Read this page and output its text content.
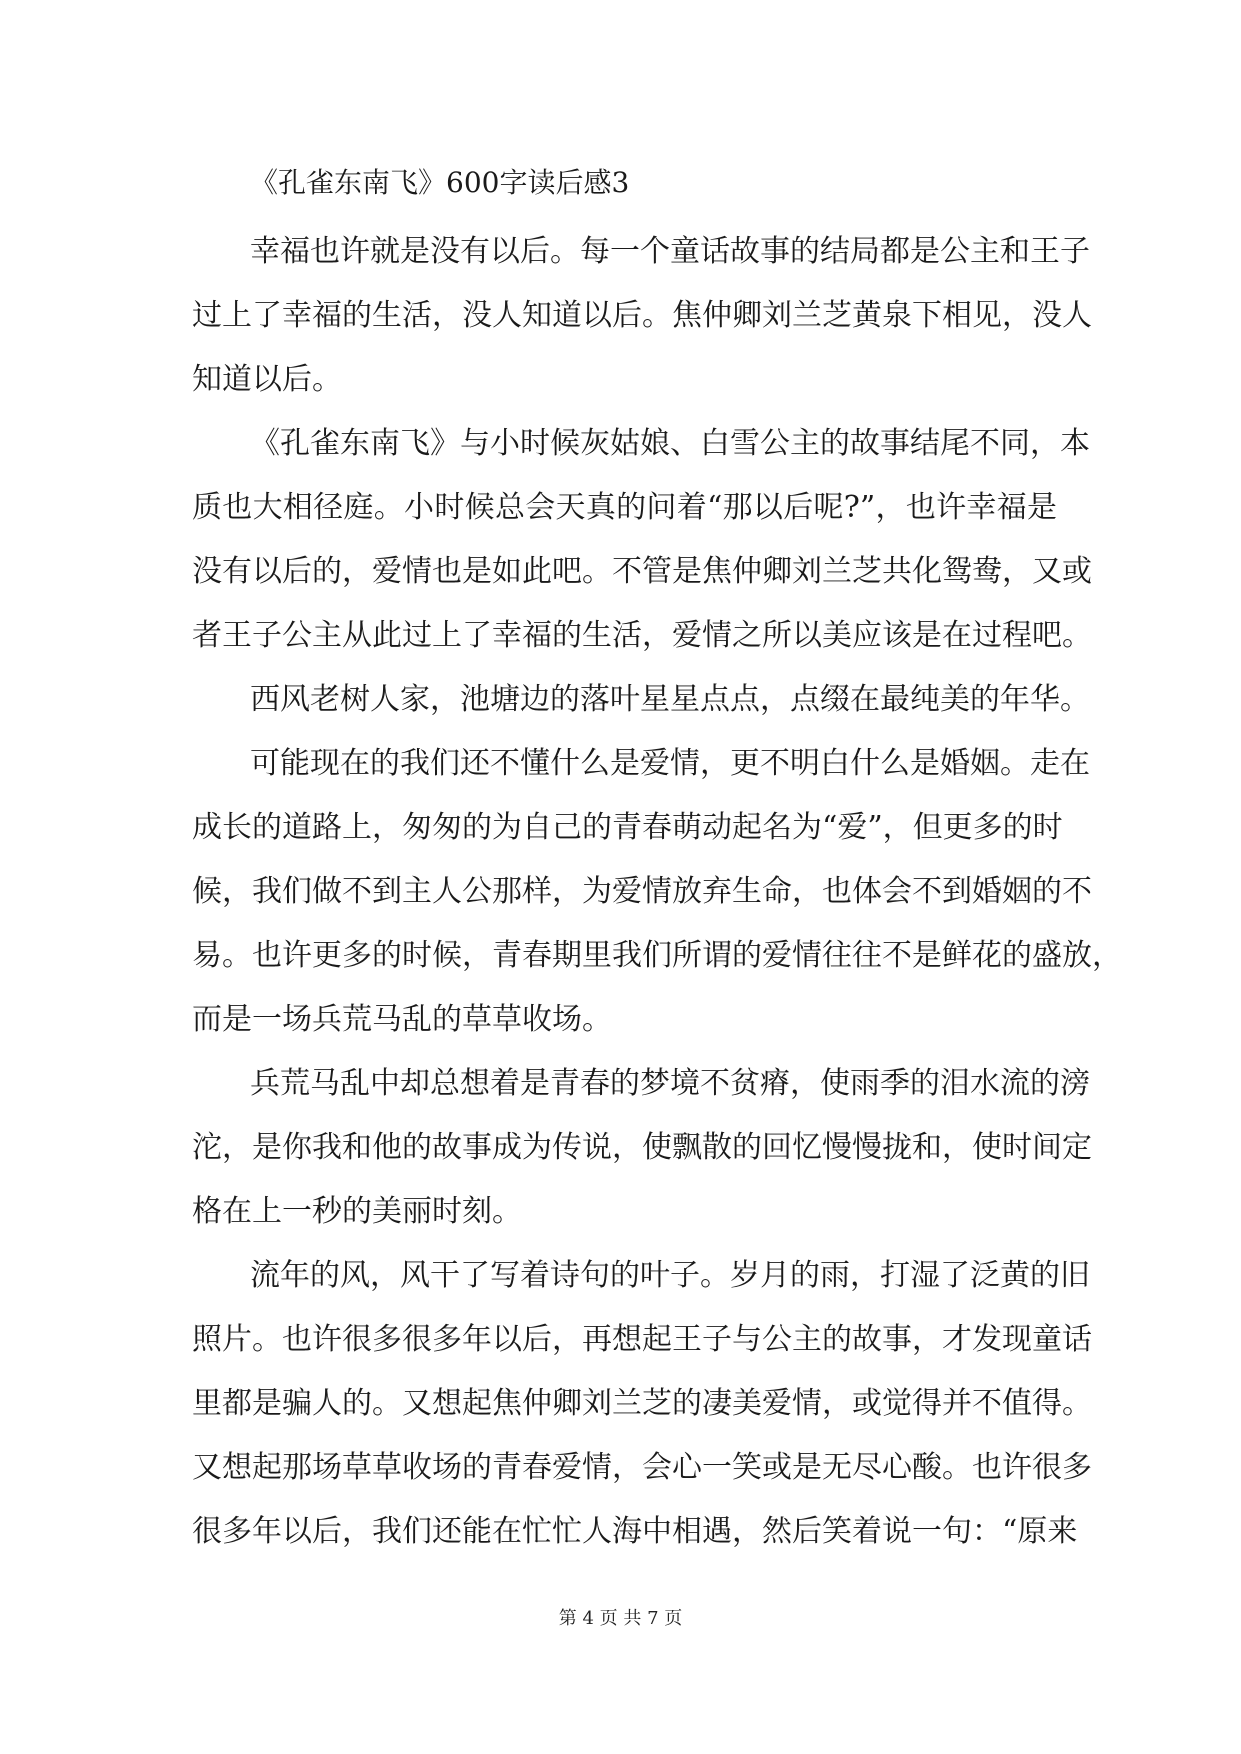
《孔雀东南飞》600字读后感3
幸福也许就是没有以后。每一个童话故事的结局都是公主和王子
过上了幸福的生活，没人知道以后。焦仲卿刘兰芝黄泉下相见，没人
知道以后。
《孔雀东南飞》与小时候灰姑娘、白雪公主的故事结尾不同，本
质也大相径庭。小时候总会天真的问着“那以后呢?”，也许幸福是
没有以后的，爱情也是如此吧。不管是焦仲卿刘兰芝共化鸳鸯，又或
者王子公主从此过上了幸福的生活，爱情之所以美应该是在过程吧。
西风老树人家，池塘边的落叶星星点点，点缀在最纯美的年华。
可能现在的我们还不懂什么是爱情，更不明白什么是婚姻。走在
成长的道路上，匆匆的为自己的青春萌动起名为“爱”，但更多的时
候，我们做不到主人公那样，为爱情放弃生命，也体会不到婚姻的不
易。也许更多的时候，青春期里我们所谓的爱情往往不是鲜花的盛放，
而是一场兵荒马乱的草草收场。
兵荒马乱中却总想着是青春的梦境不贫瘠，使雨季的泪水流的滂
沱，是你我和他的故事成为传说，使飘散的回忆慢慢拢和，使时间定
格在上一秒的美丽时刻。
流年的风，风干了写着诗句的叶子。岁月的雨，打湿了泛黄的旧
照片。也许很多很多年以后，再想起王子与公主的故事，才发现童话
里都是骗人的。又想起焦仲卿刘兰芝的凄美爱情，或觉得并不值得。
又想起那场草草收场的青春爱情，会心一笑或是无尽心酸。也许很多
很多年以后，我们还能在忙忙人海中相遇，然后笑着说一句：“原来
第 4 页 共 7 页
